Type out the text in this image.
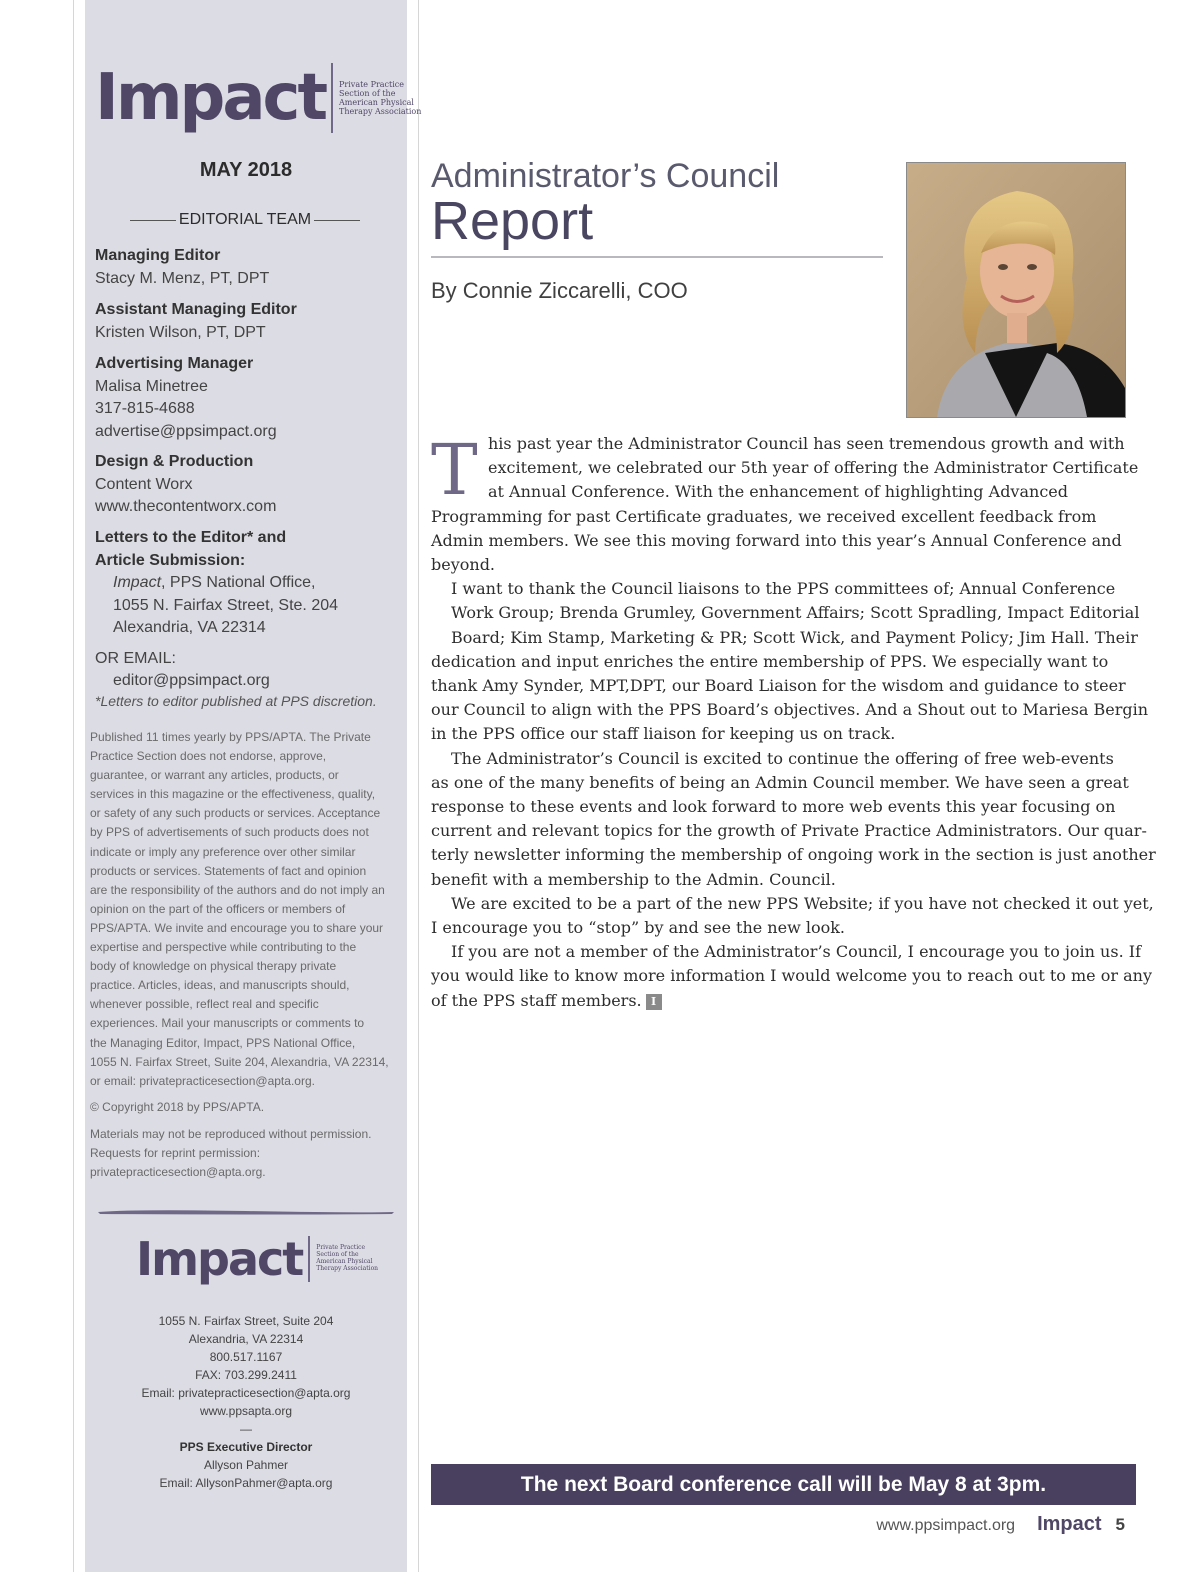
Impact Private Practice
Section of the
American Physical
Therapy Association
MAY 2018
EDITORIAL TEAM
Managing Editor
Stacy M. Menz, PT, DPT
Assistant Managing Editor
Kristen Wilson, PT, DPT
Advertising Manager
Malisa Minetree
317-815-4688
advertise@ppsimpact.org
Design & Production
Content Worx
www.thecontentworx.com
Letters to the Editor* and
Article Submission:
Impact, PPS National Office,
1055 N. Fairfax Street, Ste. 204
Alexandria, VA 22314
OR EMAIL:
editor@ppsimpact.org
*Letters to editor published at PPS discretion.
Published 11 times yearly by PPS/APTA. The Private
Practice Section does not endorse, approve,
guarantee, or warrant any articles, products, or
services in this magazine or the effectiveness, quality,
or safety of any such products or services. Acceptance
by PPS of advertisements of such products does not
indicate or imply any preference over other similar
products or services. Statements of fact and opinion
are the responsibility of the authors and do not imply an
opinion on the part of the officers or members of
PPS/APTA. We invite and encourage you to share your
expertise and perspective while contributing to the
body of knowledge on physical therapy private
practice. Articles, ideas, and manuscripts should,
whenever possible, reflect real and specific
experiences. Mail your manuscripts or comments to
the Managing Editor, Impact, PPS National Office,
1055 N. Fairfax Street, Suite 204, Alexandria, VA 22314,
or email: privatepracticesection@apta.org.
© Copyright 2018 by PPS/APTA.
Materials may not be reproduced without permission.
Requests for reprint permission:
privatepracticesection@apta.org.
Impact Private Practice
Section of the
American Physical
Therapy Association
1055 N. Fairfax Street, Suite 204
Alexandria, VA 22314
800.517.1167
FAX: 703.299.2411
Email: privatepracticesection@apta.org
www.ppsapta.org
—
PPS Executive Director
Allyson Pahmer
Email: AllysonPahmer@apta.org
Administrator’s Council
Report
By Connie Ziccarelli, COO
T his past year the Administrator Council has seen tremendous growth and with
excitement, we celebrated our 5th year of offering the Administrator Certificate
at Annual Conference. With the enhancement of highlighting Advanced
Programming for past Certificate graduates, we received excellent feedback from
Admin members. We see this moving forward into this year’s Annual Conference and
beyond.
I want to thank the Council liaisons to the PPS committees of; Annual Conference
Work Group; Brenda Grumley, Government Affairs; Scott Spradling, Impact Editorial
Board; Kim Stamp, Marketing & PR; Scott Wick, and Payment Policy; Jim Hall. Their
dedication and input enriches the entire membership of PPS. We especially want to
thank Amy Synder, MPT,DPT, our Board Liaison for the wisdom and guidance to steer
our Council to align with the PPS Board’s objectives. And a Shout out to Mariesa Bergin
in the PPS office our staff liaison for keeping us on track.
The Administrator’s Council is excited to continue the offering of free web-events
as one of the many benefits of being an Admin Council member. We have seen a great
response to these events and look forward to more web events this year focusing on
current and relevant topics for the growth of Private Practice Administrators. Our quar-
terly newsletter informing the membership of ongoing work in the section is just another
benefit with a membership to the Admin. Council.
We are excited to be a part of the new PPS Website; if you have not checked it out yet,
I encourage you to “stop” by and see the new look.
If you are not a member of the Administrator’s Council, I encourage you to join us. If
you would like to know more information I would welcome you to reach out to me or any
of the PPS staff members. I
The next Board conference call will be May 8 at 3pm.
www.ppsimpact.org Impact 5
